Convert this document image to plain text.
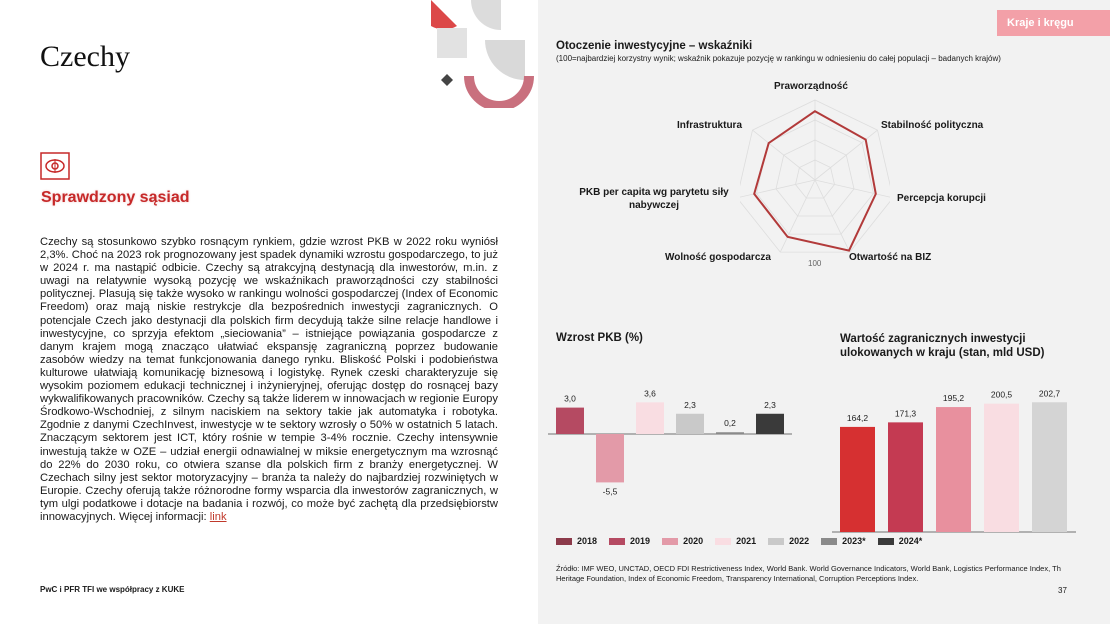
Kraje i kręgu
Czechy
Sprawdzony sąsiad
Czechy są stosunkowo szybko rosnącym rynkiem, gdzie wzrost PKB w 2022 roku wyniósł 2,3%. Choć na 2023 rok prognozowany jest spadek dynamiki wzrostu gospodarczego, to już w 2024 r. ma nastąpić odbicie. Czechy są atrakcyjną destynacją dla inwestorów, m.in. z uwagi na relatywnie wysoką pozycję we wskaźnikach praworządności czy stabilności politycznej. Plasują się także wysoko w rankingu wolności gospodarczej (Index of Economic Freedom) oraz mają niskie restrykcje dla bezpośrednich inwestycji zagranicznych. O potencjale Czech jako destynacji dla polskich firm decydują także silne relacje handlowe i inwestycyjne, co sprzyja efektom „sieciowania” – istniejące powiązania gospodarcze z danym krajem mogą znacząco ułatwiać ekspansję zagraniczną poprzez budowanie zasobów wiedzy na temat funkcjonowania danego rynku. Bliskość Polski i podobieństwa kulturowe ułatwiają komunikację biznesową i logistykę. Rynek czeski charakteryzuje się wysokim poziomem edukacji technicznej i inżynieryjnej, oferując dostęp do rosnącej bazy wykwalifikowanych pracowników. Czechy są także liderem w innowacjach w regionie Europy Środkowo-Wschodniej, z silnym naciskiem na sektory takie jak automatyka i robotyka. Zgodnie z danymi CzechInvest, inwestycje w te sektory wzrosły o 50% w ostatnich 5 latach. Znaczącym sektorem jest ICT, który rośnie w tempie 3-4% rocznie. Czechy intensywnie inwestują także w OZE – udział energii odnawialnej w miksie energetycznym ma wzrosnąć do 22% do 2030 roku, co otwiera szanse dla polskich firm z branży energetycznej. W Czechach silny jest sektor motoryzacyjny – branża ta należy do najbardziej rozwiniętych w Europie. Czechy oferują także różnorodne formy wsparcia dla inwestorów zagranicznych, w tym ulgi podatkowe i dotacje na badania i rozwój, co może być zachętą dla przedsiębiorstw innowacyjnych. Więcej informacji: link
PwC i PFR TFI we współpracy z KUKE	37
Otoczenie inwestycyjne – wskaźniki
(100=najbardziej korzystny wynik; wskaźnik pokazuje pozycję w rankingu w odniesieniu do całej populacji – badanych krajów)
Praworządność
Stabilność polityczna
Percepcja korupcji
Otwartość na BIZ
Wolność gospodarcza
PKB per capita wg parytetu siły nabywczej
Infrastruktura
100
Wzrost PKB (%)
3,0
-5,5
3,6
2,3
0,2
2,3
Wartość zagranicznych inwestycji ulokowanych w kraju (stan, mld USD)
164,2	171,3
195,2	200,5	202,7
2018	2019	2020	2021	2022	2023*	2024*
Źródło: IMF WEO, UNCTAD, OECD FDI Restrictiveness Index, World Bank. World Governance Indicators, World Bank, Logistics Performance Index, Th Heritage Foundation, Index of Economic Freedom, Transparency International, Corruption Perceptions Index.
